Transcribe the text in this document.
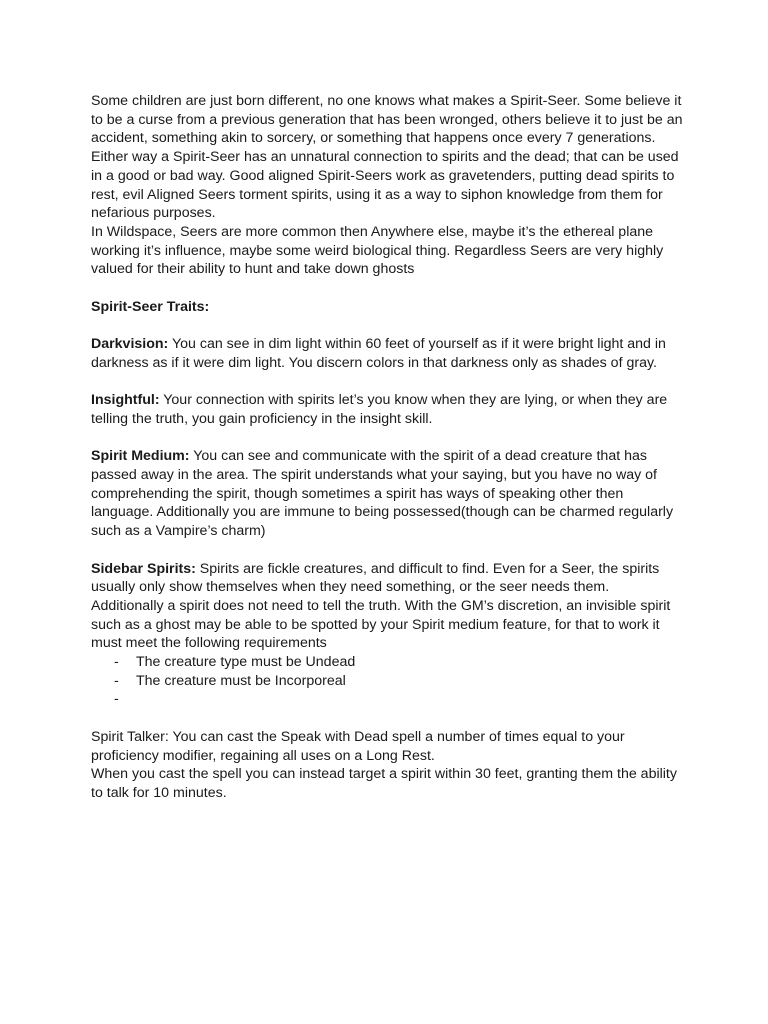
Some children are just born different, no one knows what makes a Spirit-Seer. Some believe it to be a curse from a previous generation that has been wronged, others believe it to just be an accident, something akin to sorcery, or something that happens once every 7 generations.

Either way a Spirit-Seer has an unnatural connection to spirits and the dead; that can be used in a good or bad way. Good aligned Spirit-Seers work as gravetenders, putting dead spirits to rest, evil Aligned Seers torment spirits, using it as a way to siphon knowledge from them for nefarious purposes.

In Wildspace, Seers are more common then Anywhere else, maybe it’s the ethereal plane working it’s influence, maybe some weird biological thing. Regardless Seers are very highly valued for their ability to hunt and take down ghosts

Spirit-Seer Traits:

Darkvision: You can see in dim light within 60 feet of yourself as if it were bright light and in darkness as if it were dim light. You discern colors in that darkness only as shades of gray.

Insightful: Your connection with spirits let’s you know when they are lying, or when they are telling the truth, you gain proficiency in the insight skill.

Spirit Medium: You can see and communicate with the spirit of a dead creature that has passed away in the area. The spirit understands what your saying, but you have no way of comprehending the spirit, though sometimes a spirit has ways of speaking other then language. Additionally you are immune to being possessed(though can be charmed regularly such as a Vampire’s charm)

Sidebar Spirits: Spirits are fickle creatures, and difficult to find. Even for a Seer, the spirits usually only show themselves when they need something, or the seer needs them. Additionally a spirit does not need to tell the truth. With the GM’s discretion, an invisible spirit such as a ghost may be able to be spotted by your Spirit medium feature, for that to work it must meet the following requirements

- The creature type must be Undead
- The creature must be Incorporeal
-

Spirit Talker: You can cast the Speak with Dead spell a number of times equal to your proficiency modifier, regaining all uses on a Long Rest.

When you cast the spell you can instead target a spirit within 30 feet, granting them the ability to talk for 10 minutes.
